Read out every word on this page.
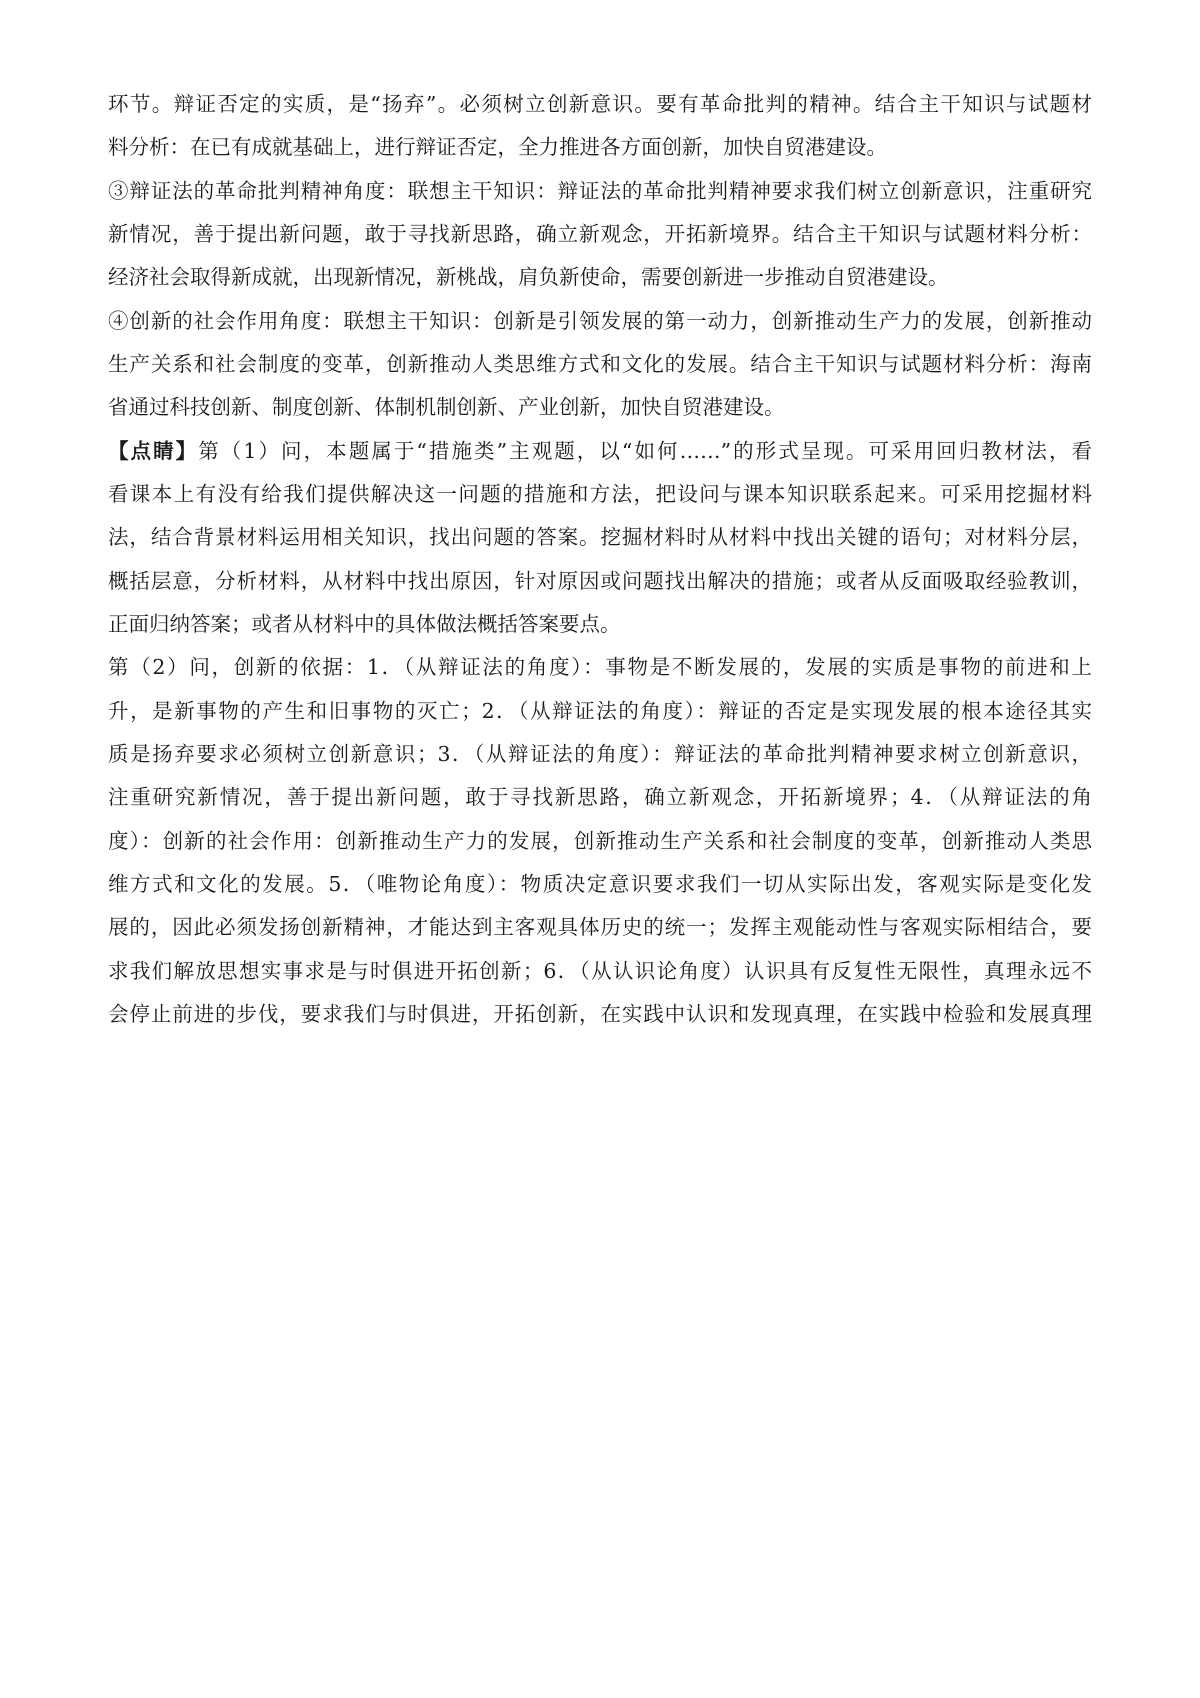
环节。辩证否定的实质，是“扬弃”。必须树立创新意识。要有革命批判的精神。结合主干知识与试题材
料分析：在已有成就基础上，进行辩证否定，全力推进各方面创新，加快自贸港建设。
③辩证法的革命批判精神角度：联想主干知识：辩证法的革命批判精神要求我们树立创新意识，注重研究
新情况，善于提出新问题，敢于寻找新思路，确立新观念，开拓新境界。结合主干知识与试题材料分析：
经济社会取得新成就，出现新情况，新桃战，肩负新使命，需要创新进一步推动自贸港建设。
④创新的社会作用角度：联想主干知识：创新是引领发展的第一动力，创新推动生产力的发展，创新推动
生产关系和社会制度的变革，创新推动人类思维方式和文化的发展。结合主干知识与试题材料分析：海南
省通过科技创新、制度创新、体制机制创新、产业创新，加快自贸港建设。
【点睛】第（1）问，本题属于“措施类”主观题，以“如何……”的形式呈现。可采用回归教材法，看
看课本上有没有给我们提供解决这一问题的措施和方法，把设问与课本知识联系起来。可采用挖掘材料
法，结合背景材料运用相关知识，找出问题的答案。挖掘材料时从材料中找出关键的语句；对材料分层，
概括层意，分析材料，从材料中找出原因，针对原因或问题找出解决的措施；或者从反面吸取经验教训，
正面归纳答案；或者从材料中的具体做法概括答案要点。
第（2）问，创新的依据：1．（从辩证法的角度）：事物是不断发展的，发展的实质是事物的前进和上
升，是新事物的产生和旧事物的灭亡；2．（从辩证法的角度）：辩证的否定是实现发展的根本途径其实
质是扬弃要求必须树立创新意识；3．（从辩证法的角度）：辩证法的革命批判精神要求树立创新意识，
注重研究新情况，善于提出新问题，敢于寻找新思路，确立新观念，开拓新境界；4．（从辩证法的角
度）：创新的社会作用：创新推动生产力的发展，创新推动生产关系和社会制度的变革，创新推动人类思
维方式和文化的发展。5．（唯物论角度）：物质决定意识要求我们一切从实际出发，客观实际是变化发
展的，因此必须发扬创新精神，才能达到主客观具体历史的统一；发挥主观能动性与客观实际相结合，要
求我们解放思想实事求是与时俱进开拓创新；6．（从认识论角度）认识具有反复性无限性，真理永远不
会停止前进的步伐，要求我们与时俱进，开拓创新，在实践中认识和发现真理，在实践中检验和发展真理
